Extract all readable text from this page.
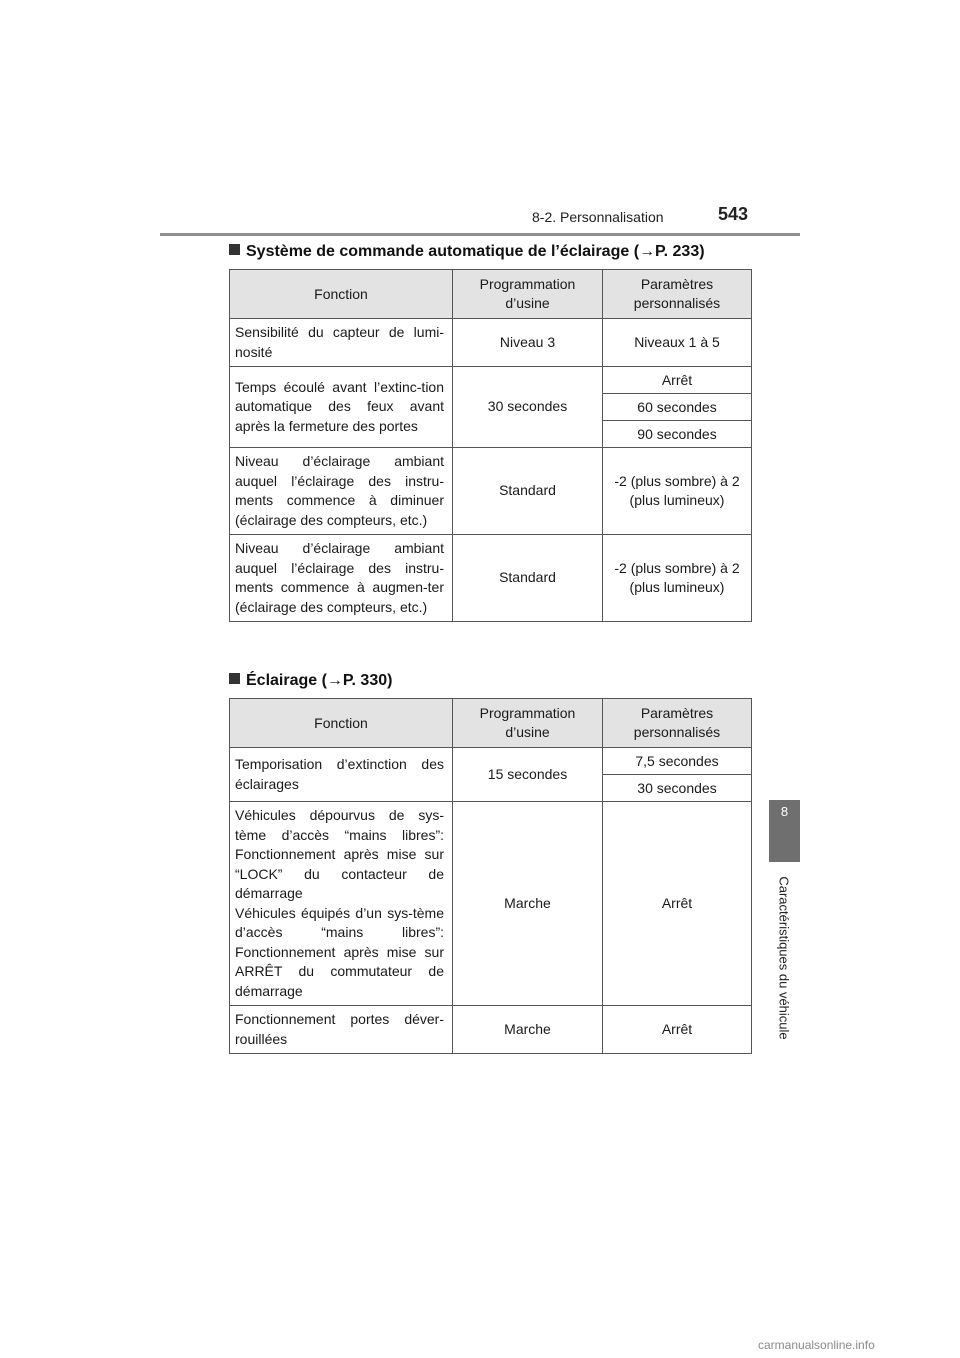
8-2. Personnalisation	543
8
Caractéristiques du véhicule
Système de commande automatique de l’éclairage (→P. 233)
Fonction	Programmation d’usine	Paramètres personnalisés
Sensibilité du capteur de lumi-nosité	Niveau 3	Niveaux 1 à 5
Temps écoulé avant l’extinc-tion automatique des feux avant après la fermeture des portes	30 secondes	Arrêt
		60 secondes
		90 secondes
Niveau d’éclairage ambiant auquel l’éclairage des instru-ments commence à diminuer (éclairage des compteurs, etc.)	Standard	-2 (plus sombre) à 2 (plus lumineux)
Niveau d’éclairage ambiant auquel l’éclairage des instru-ments commence à augmen-ter (éclairage des compteurs, etc.)	Standard	-2 (plus sombre) à 2 (plus lumineux)
Éclairage (→P. 330)
Fonction	Programmation d’usine	Paramètres personnalisés
Temporisation d’extinction des éclairages	15 secondes	7,5 secondes
		30 secondes

Véhicules dépourvus de sys-tème d’accès “mains libres”: Fonctionnement après mise sur “LOCK” du contacteur de démarrage
Véhicules équipés d’un sys-tème d’accès “mains libres”: Fonctionnement après mise sur ARRÊT du commutateur de démarrage	Marche	Arrêt
Fonctionnement portes déver-rouillées	Marche	Arrêt
carmanualsonline.info
